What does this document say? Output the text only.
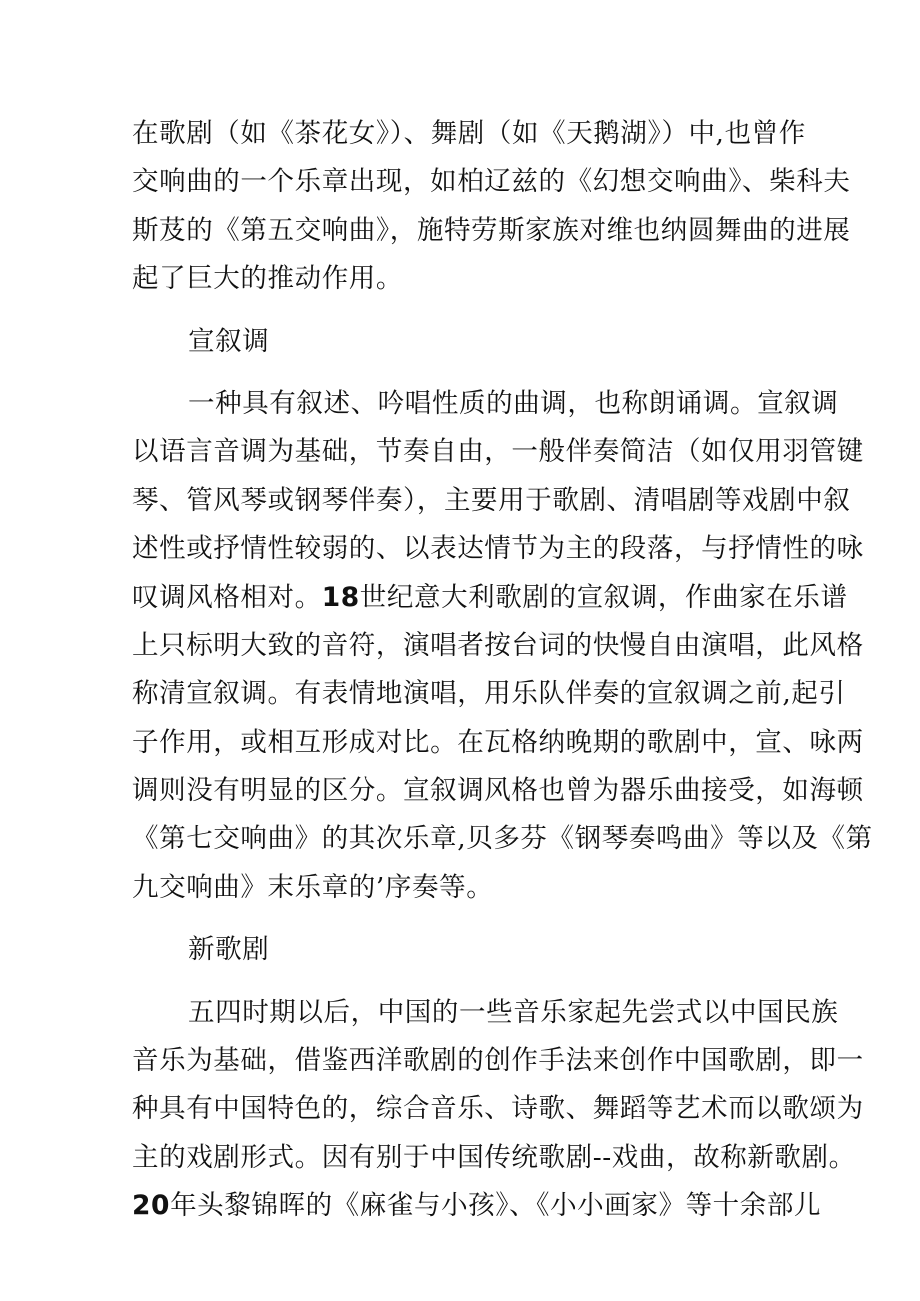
在歌剧（如《茶花女》）、舞剧（如《天鹅湖》）中,也曾作
交响曲的一个乐章出现，如柏辽兹的《幻想交响曲》、柴科夫
斯芨的《第五交响曲》，施特劳斯家族对维也纳圆舞曲的进展
起了巨大的推动作用。
宣叙调
一种具有叙述、吟唱性质的曲调，也称朗诵调。宣叙调
以语言音调为基础，节奏自由，一般伴奏简洁（如仅用羽管键
琴、管风琴或钢琴伴奏），主要用于歌剧、清唱剧等戏剧中叙
述性或抒情性较弱的、以表达情节为主的段落，与抒情性的咏
叹调风格相对。18世纪意大利歌剧的宣叙调，作曲家在乐谱
上只标明大致的音符，演唱者按台词的快慢自由演唱，此风格
称清宣叙调。有表情地演唱，用乐队伴奏的宣叙调之前,起引
子作用，或相互形成对比。在瓦格纳晚期的歌剧中，宣、咏两
调则没有明显的区分。宣叙调风格也曾为器乐曲接受，如海顿
《第七交响曲》的其次乐章,贝多芬《钢琴奏鸣曲》等以及《第
九交响曲》末乐章的’序奏等。
新歌剧
五四时期以后，中国的一些音乐家起先尝式以中国民族
音乐为基础，借鉴西洋歌剧的创作手法来创作中国歌剧，即一
种具有中国特色的，综合音乐、诗歌、舞蹈等艺术而以歌颂为
主的戏剧形式。因有别于中国传统歌剧--戏曲，故称新歌剧。
20年头黎锦晖的《麻雀与小孩》、《小小画家》等十余部儿
